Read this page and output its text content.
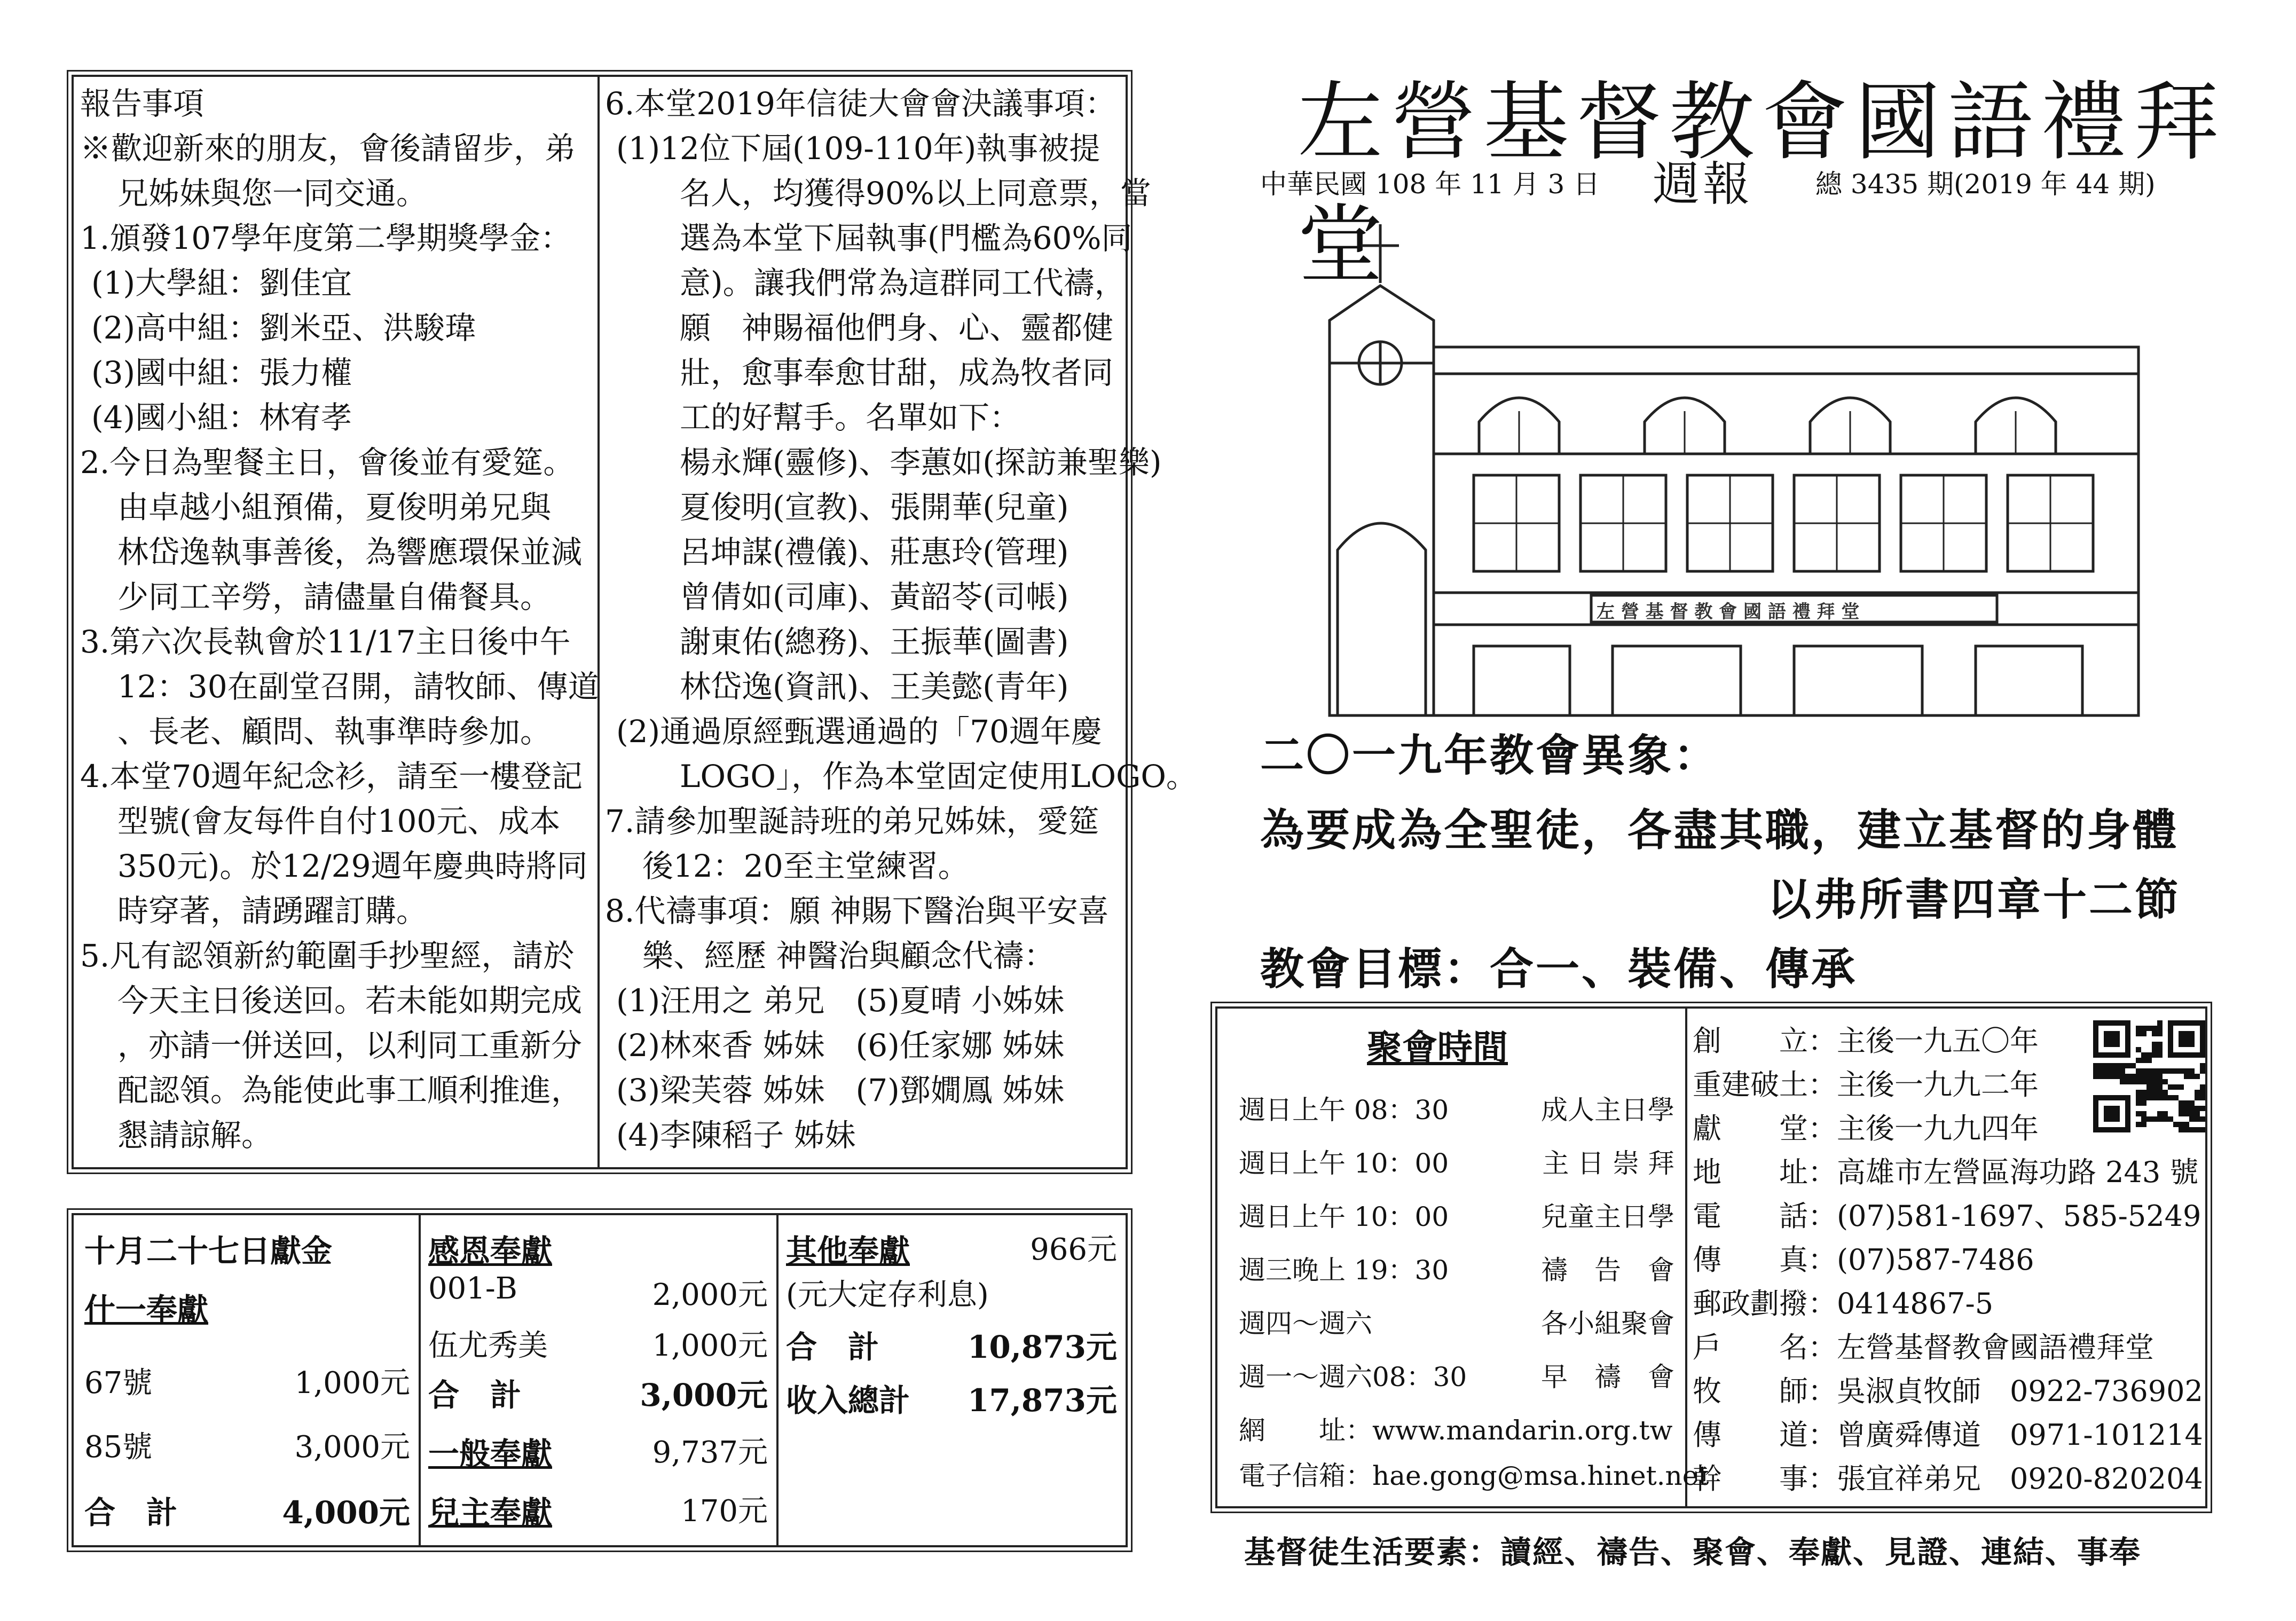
報告事項
※歡迎新來的朋友，會後請留步，弟
兄姊妹與您一同交通。
1.頒發107學年度第二學期獎學金：
(1)大學組：劉佳宜
(2)高中組：劉米亞、洪駿瑋
(3)國中組：張力權
(4)國小組：林宥孝
2.今日為聖餐主日，會後並有愛筵。
由卓越小組預備，夏俊明弟兄與
林岱逸執事善後，為響應環保並減
少同工辛勞，請儘量自備餐具。
3.第六次長執會於11/17主日後中午
12：30在副堂召開，請牧師、傳道
、長老、顧問、執事準時參加。
4.本堂70週年紀念衫，請至一樓登記
型號(會友每件自付100元、成本
350元)。於12/29週年慶典時將同
時穿著，請踴躍訂購。
5.凡有認領新約範圍手抄聖經，請於
今天主日後送回。若未能如期完成
，亦請一併送回，以利同工重新分
配認領。為能使此事工順利推進，
懇請諒解。
6.本堂2019年信徒大會會決議事項：
(1)12位下屆(109-110年)執事被提
名人，均獲得90%以上同意票，當
選為本堂下屆執事(門檻為60%同
意)。讓我們常為這群同工代禱，
願　神賜福他們身、心、靈都健
壯，愈事奉愈甘甜，成為牧者同
工的好幫手。名單如下：
楊永輝(靈修)、李蕙如(探訪兼聖樂)
夏俊明(宣教)、張開華(兒童)
呂坤謀(禮儀)、莊惠玲(管理)
曾倩如(司庫)、黃韶苓(司帳)
謝東佑(總務)、王振華(圖書)
林岱逸(資訊)、王美懿(青年)
(2)通過原經甄選通過的「70週年慶
LOGO」，作為本堂固定使用LOGO。
7.請參加聖誕詩班的弟兄姊妹，愛筵
後12：20至主堂練習。
8.代禱事項：願 神賜下醫治與平安喜
樂、經歷 神醫治與顧念代禱：
(1)汪用之 弟兄　(5)夏晴 小姊妹
(2)林來香 姊妹　(6)任家娜 姊妹
(3)梁芙蓉 姊妹　(7)鄧嫺鳳 姊妹
(4)李陳稻子 姊妹
十月二十七日獻金
什一奉獻
67號	1,000元
85號	3,000元
合　計	4,000元
感恩奉獻
001-B	2,000元
伍尤秀美	1,000元
合　計	3,000元
一般奉獻	9,737元
兒主奉獻	170元
其他奉獻	966元
(元大定存利息)
合　計	10,873元
收入總計 17,873元
左營基督教會國語禮拜堂
中華民國 108 年 11 月 3 日 週報 總 3435 期(2019 年 44 期)
左 營 基 督 教 會 國 語 禮 拜 堂
二〇一九年教會異象：
為要成為全聖徒，各盡其職，建立基督的身體
以弗所書四章十二節
教會目標：合一、裝備、傳承
聚會時間
週日上午 08：30	成人主日學
週日上午 10：00	主 日 崇 拜
週日上午 10：00	兒童主日學
週三晚上 19：30	禱　告　會
週四～週六	各小組聚會
週一～週六08：30	早　禱　會
網　　址：www.mandarin.org.tw
電子信箱：hae.gong@msa.hinet.net
創　　立：主後一九五〇年
重建破土：主後一九九二年
獻　　堂：主後一九九四年
地　　址：高雄市左營區海功路 243 號
電　　話：(07)581-1697、585-5249
傳　　真：(07)587-7486
郵政劃撥：0414867-5
戶　　名：左營基督教會國語禮拜堂
牧　　師：吳淑貞牧師　0922-736902
傳　　道：曾廣舜傳道　0971-101214
幹　　事：張宜祥弟兄　0920-820204
基督徒生活要素：讀經、禱告、聚會、奉獻、見證、連結、事奉
